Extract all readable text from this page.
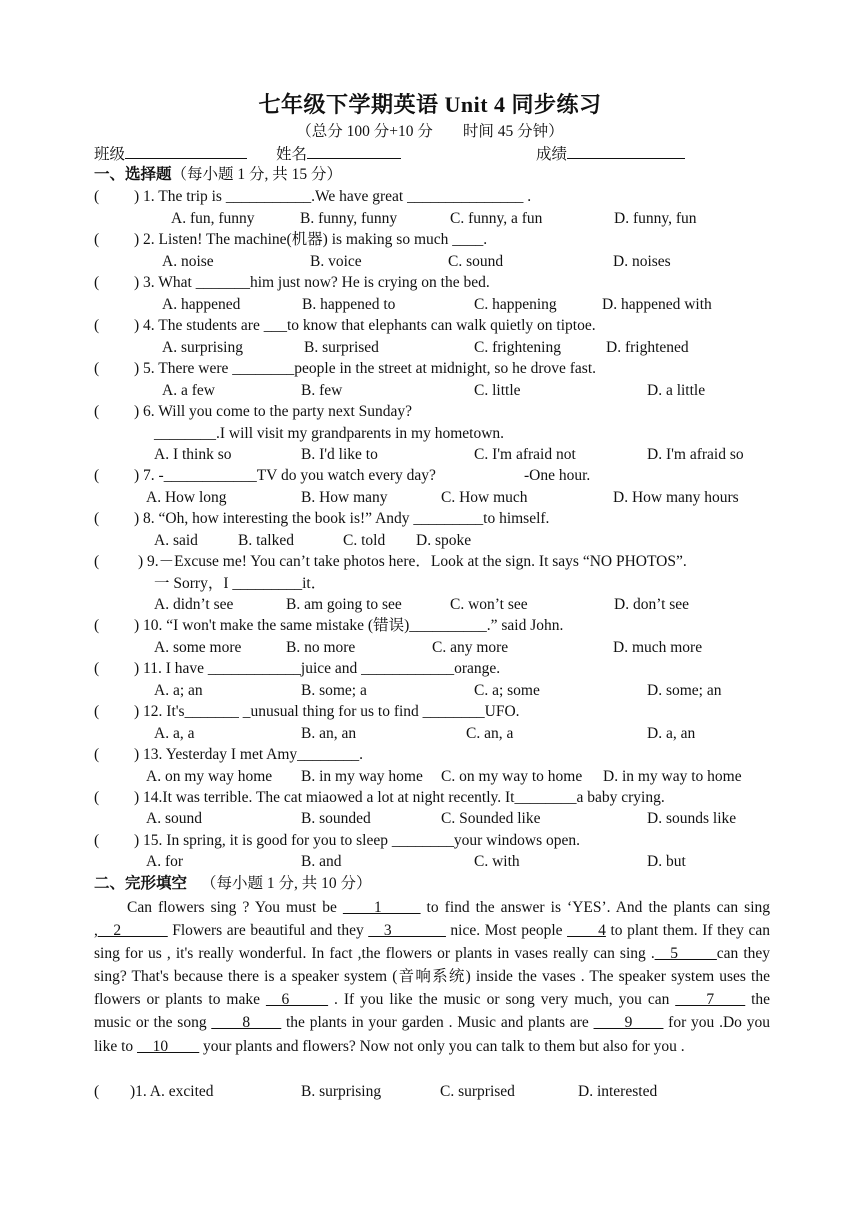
七年级下学期英语 Unit 4 同步练习
（总分 100 分+10 分 时间 45 分钟）
班级	姓名	成绩
一、选择题（每小题 1 分, 共 15 分）
( ) 1. The trip is ___________.We have great _______________ .
A. fun, funny	B. funny, funny	C. funny, a fun	D. funny, fun
( ) 2. Listen! The machine(机器) is making so much ____.
A. noise	B. voice	C. sound	D. noises
( ) 3. What _______him just now? He is crying on the bed.
A. happened	B. happened to	C. happening	D. happened with
( ) 4. The students are ___to know that elephants can walk quietly on tiptoe.
A. surprising	B. surprised	C. frightening	D. frightened
( ) 5. There were ________people in the street at midnight, so he drove fast.
A. a few	B. few	C. little	D. a little
( ) 6. Will you come to the party next Sunday?
________.I will visit my grandparents in my hometown.
A. I think so	B. I'd like to	C. I'm afraid not	D. I'm afraid so
( ) 7. -____________TV do you watch every day?	-One hour.
A. How long	B. How many	C. How much	D. How many hours
( ) 8. “Oh, how interesting the book is!” Andy _________to himself.
A. said	B. talked	C. told D. spoke
(	) 9.－Excuse me! You can’t take photos here．Look at the sign. It says “NO PHOTOS”.
一 Sorry，I _________it．
A. didn’t see	B. am going to see	C. won’t see	D. don’t see
( ) 10. “I won't make the same mistake (错误)__________.” said John.
A. some more	B. no more	C. any more	D. much more
( ) 11. I have ____________juice and ____________orange.
A. a; an	B. some; a	C. a; some	D. some; an
( ) 12. It's_______ _unusual thing for us to find ________UFO.
A. a, a	B. an, an	C. an, a	D. a, an
( ) 13. Yesterday I met Amy________.
A. on my way home B. in my way home C. on my way to home D. in my way to home
( ) 14.It was terrible. The cat miaowed a lot at night recently. It________a baby crying.
A. sound	B. sounded	C. Sounded like	D. sounds like
( ) 15. In spring, it is good for you to sleep ________your windows open.
A. for	B. and	C. with	D. but
二、完形填空 （每小题 1 分, 共 10 分）

Can flowers sing ? You must be ____1_____ to find the answer is ‘YES’. And the plants can sing ,__2______ Flowers are beautiful and they __3_______ nice. Most people ____4 to plant them. If they can sing for us , it's really wonderful. In fact ,the flowers or plants in vases really can sing .__5_____can they sing? That's because there is a speaker system (音响系统) inside the vases . The speaker system uses the flowers or plants to make __6_____ . If you like the music or song very much, you can ____7____ the music or the song ____8____ the plants in your garden . Music and plants are ____9____ for you .Do you like to __10____ your plants and flowers? Now not only you can talk to them but also for you .

( )1. A. excited	B. surprising	C. surprised	D. interested
